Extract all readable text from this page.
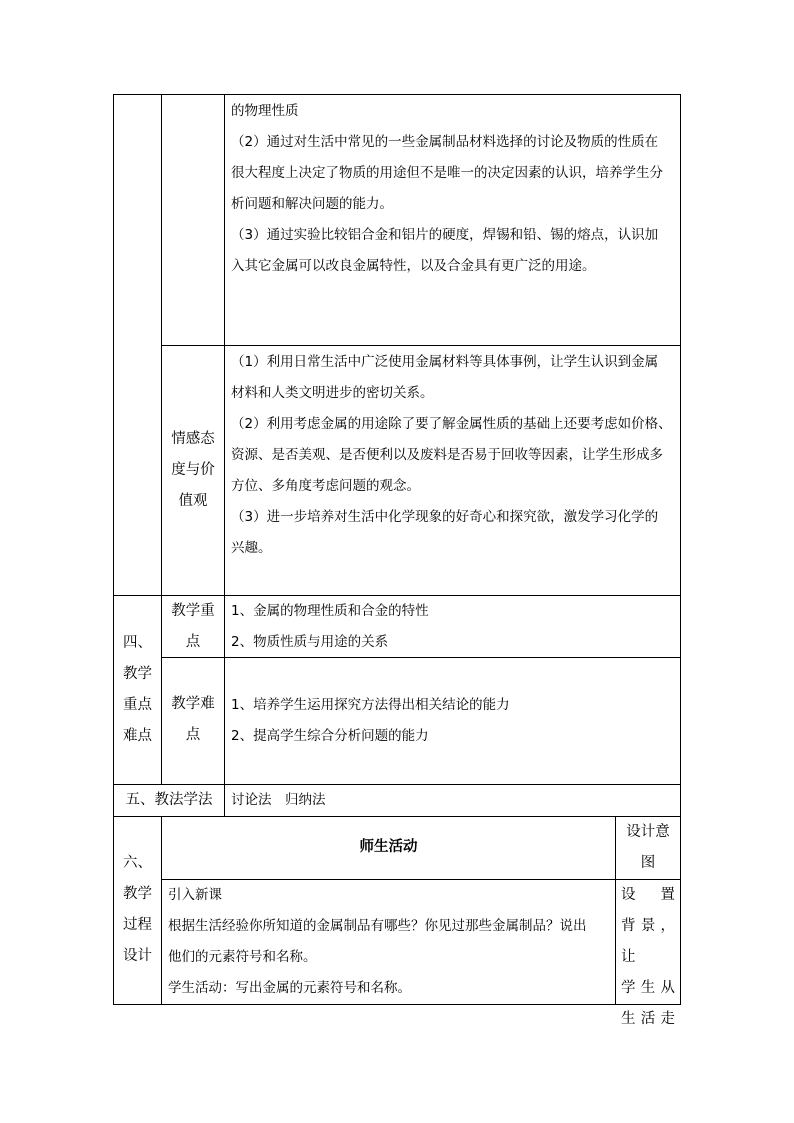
的物理性质

（2）通过对生活中常见的一些金属制品材料选择的讨论及物质的性质在

很大程度上决定了物质的用途但不是唯一的决定因素的认识，培养学生分

析问题和解决问题的能力。

（3）通过实验比较铝合金和铝片的硬度，焊锡和铅、锡的熔点，认识加

入其它金属可以改良金属特性，以及合金具有更广泛的用途。

情感态
度与价
值观

（1）利用日常生活中广泛使用金属材料等具体事例，让学生认识到金属

材料和人类文明进步的密切关系。

（2）利用考虑金属的用途除了要了解金属性质的基础上还要考虑如价格、

资源、是否美观、是否便利以及废料是否易于回收等因素，让学生形成多

方位、多角度考虑问题的观念。

（3）进一步培养对生活中化学现象的好奇心和探究欲，激发学习化学的

兴趣。

四、
教学
重点
难点
教学重
点

1、金属的物理性质和合金的特性

2、物质性质与用途的关系

教学难
点

1、培养学生运用探究方法得出相关结论的能力

2、提高学生综合分析问题的能力

五、教法学法	讨论法　归纳法
六、
教学
过程
设计
师生活动
设计意
图

引入新课

根据生活经验你所知道的金属制品有哪些？你见过那些金属制品？说出

他们的元素符号和名称。

学生活动：写出金属的元素符号和名称。

设置
背景，让
学生从
生活走
